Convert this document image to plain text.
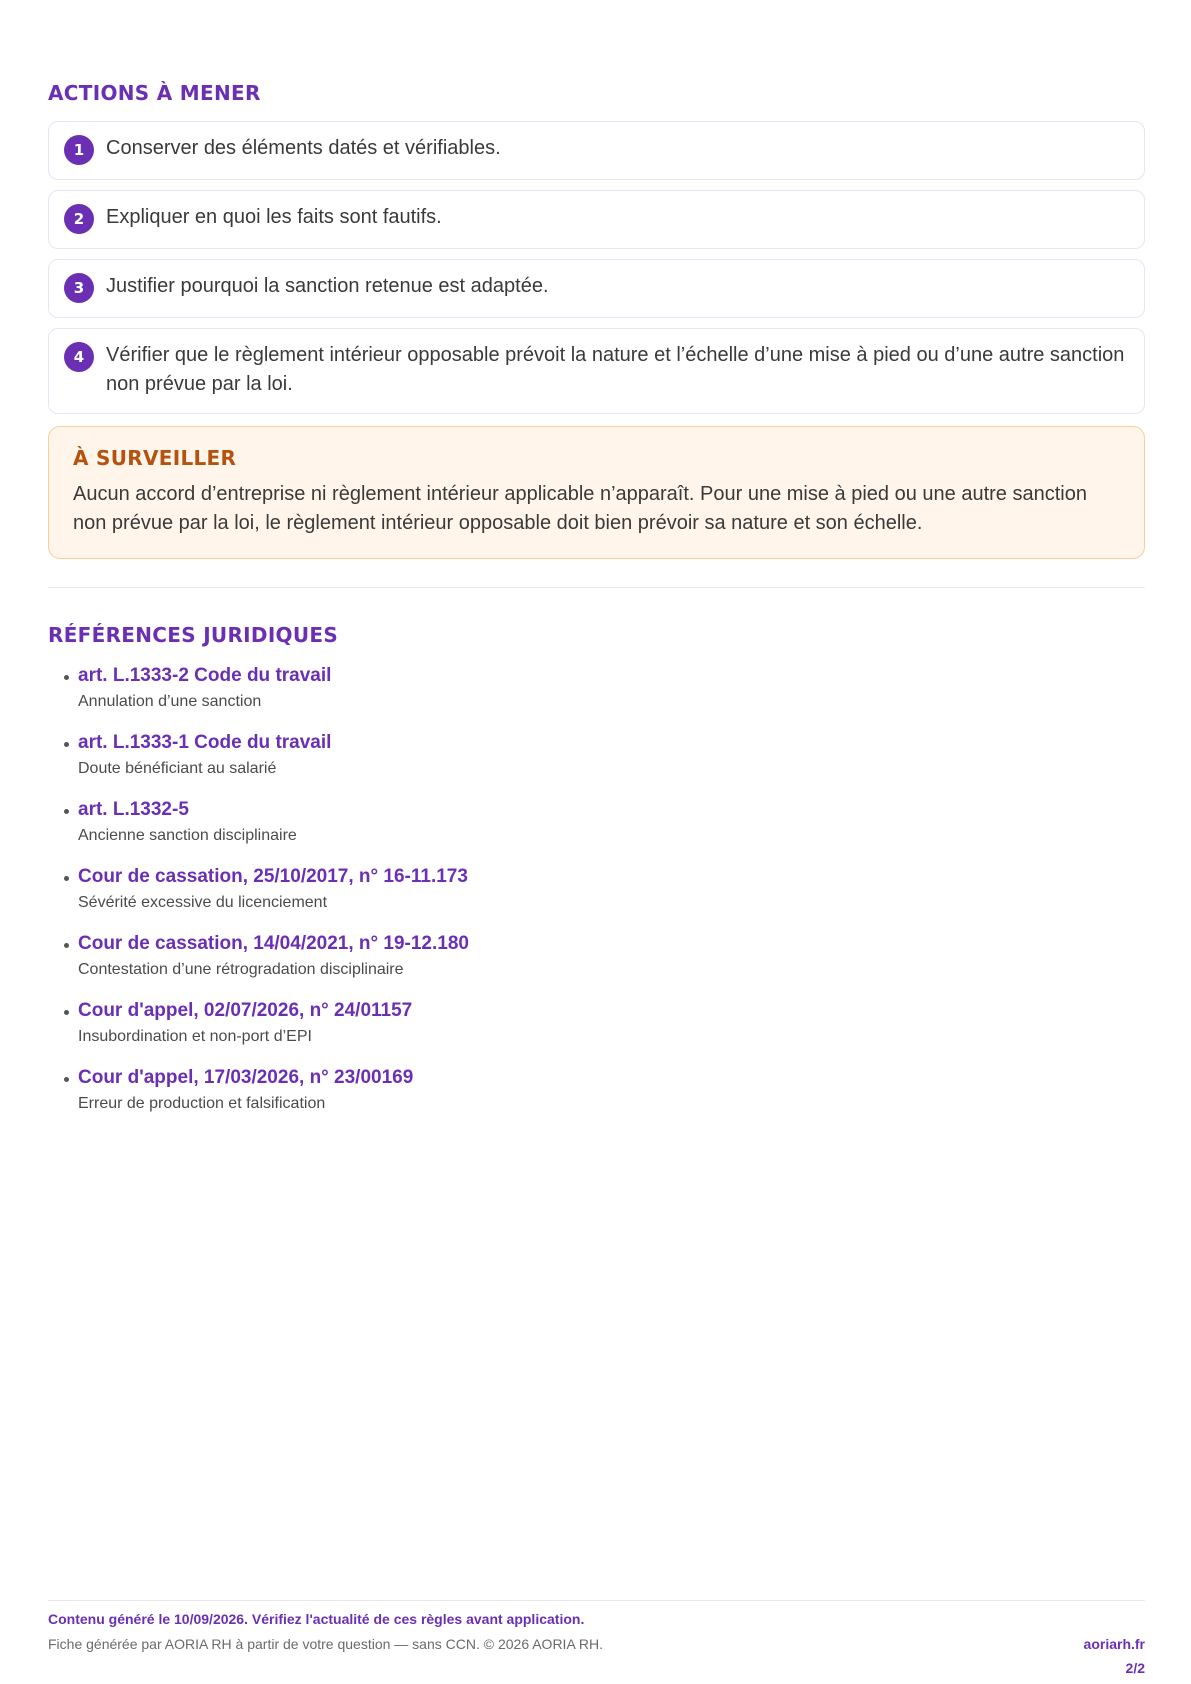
ACTIONS À MENER
1	Conserver des éléments datés et vérifiables.
2	Expliquer en quoi les faits sont fautifs.
3	Justifier pourquoi la sanction retenue est adaptée.
4	Vérifier que le règlement intérieur opposable prévoit la nature et l’échelle d’une mise à pied ou d’une autre sanction non prévue par la loi.
À SURVEILLER
Aucun accord d’entreprise ni règlement intérieur applicable n’apparaît. Pour une mise à pied ou une autre sanction non prévue par la loi, le règlement intérieur opposable doit bien prévoir sa nature et son échelle.
RÉFÉRENCES JURIDIQUES
art. L.1333-2 Code du travail
Annulation d’une sanction
art. L.1333-1 Code du travail
Doute bénéficiant au salarié
art. L.1332-5
Ancienne sanction disciplinaire
Cour de cassation, 25/10/2017, n° 16-11.173
Sévérité excessive du licenciement
Cour de cassation, 14/04/2021, n° 19-12.180
Contestation d’une rétrogradation disciplinaire
Cour d'appel, 02/07/2026, n° 24/01157
Insubordination et non-port d’EPI
Cour d'appel, 17/03/2026, n° 23/00169
Erreur de production et falsification
Contenu généré le 10/09/2026. Vérifiez l'actualité de ces règles avant application.
Fiche générée par AORIA RH à partir de votre question — sans CCN. © 2026 AORIA RH.	aoriarh.fr
2/2
